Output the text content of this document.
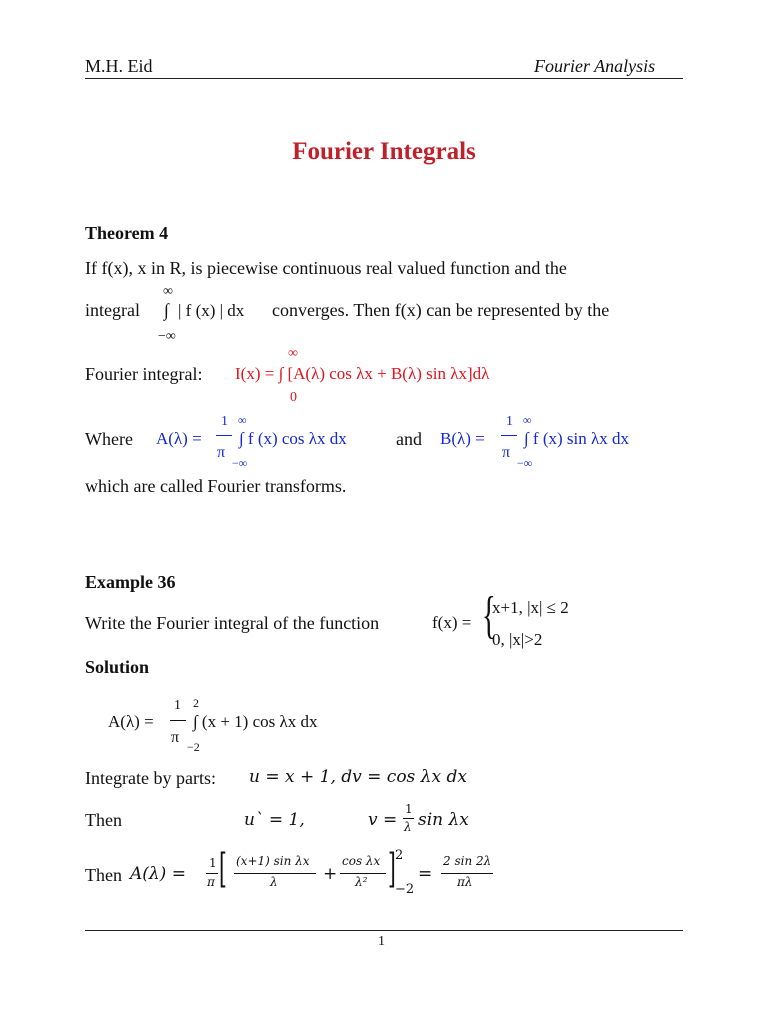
M.H. Eid	Fourier Analysis
Fourier Integrals
Theorem 4
If f(x), x in R, is piecewise continuous real valued function and the
integral
∞
∫
−∞
| f (x) | dx converges. Then f(x) can be represented by the
Fourier integral:
∞
I(x) = ∫ [A(λ) cos λx + B(λ) sin λx]dλ
0
Where A(λ) =
1
π
∞
−∞
∫ f (x) cos λx dx	and B(λ) =
1
π
∞
−∞
∫ f (x) sin λx dx
which are called Fourier transforms.
Example 36
Write the Fourier integral of the function	f(x) = {
x+1, |x| ≤ 2
0, |x|>2
Solution
A(λ) =
1
π
2
−2
∫ (x + 1) cos λx dx
Integrate by parts: u = x + 1, dv = cos λx dx
Then	u` = 1,	v =
1
λ sin λx
Then A(λ) =
1
π [ (x+1) sin λx
λ	+
cos λx
λ² ] 2
−2
=
2 sin 2λ
πλ
1
